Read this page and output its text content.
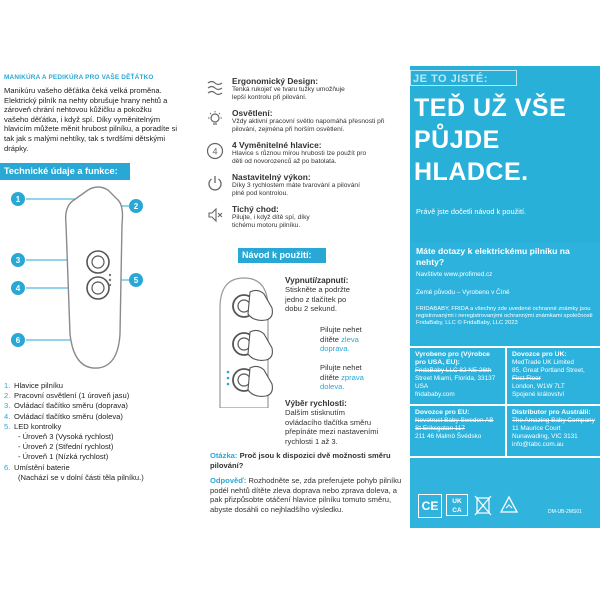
MANIKÚRA A PEDIKÚRA PRO VAŠE DĚŤÁTKO
Manikúru vašeho děťátka čeká velká proměna.
Elektrický pilník na nehty obrušuje hrany nehtů a
zároveň chrání nehtovou kůžičku a pokožku
vašeho děťátka, i když spí. Díky vyměnitelným
hlavicím můžete měnit hrubost pilníku, a poradíte si
tak jak s malými nehtíky, tak s tvrdšími dětskými
drápky.
Technické údaje a funkce:
1
2
3
4
5
6
1. Hlavice pilníku
2. Pracovní osvětlení (1 úroveň jasu)
3. Ovládací tlačítko směru (doprava)
4. Ovládací tlačítko směru (doleva)
5. LED kontrolky
- Úroveň 3 (Vysoká rychlost)
- Úroveň 2 (Střední rychlost)
- Úroveň 1 (Nízká rychlost)
6. Umístění baterie
(Nachází se v dolní části těla pilníku.)
Ergonomický Design:
Tenká rukojeť ve tvaru tužky umožňuje
lepší kontrolu při pilování.
Osvětlení:
Vždy aktivní pracovní světlo napomáhá přesnosti při
pilování, zejména při horším osvětlení.
4
4 Vyměnitelné hlavice:
Hlavice s různou mírou hrubosti lze použít pro
děti od novorozenců až po batolata.
Nastavitelný výkon:
Díky 3 rychlostem máte tvarování a pilování
plně pod kontrolou.
Tichý chod:
Pilujte, i když dítě spí, díky
tichému motoru pilníku.
Návod k použití:
Vypnutí/zapnutí:
Stiskněte a podržte
jedno z tlačítek po
dobu 2 sekund.
Pilujte nehet
dítěte zleva
doprava.
Pilujte nehet
dítěte zprava
doleva.
Výběr rychlosti:
Dalším stisknutím
ovládacího tlačítka směru
přepínáte mezi nastaveními
rychlosti 1 až 3.
Otázka: Proč jsou k dispozici dvě možnosti směru pilování?
Odpověď: Rozhodněte se, zda preferujete pohyb pilníku podél nehtů dítěte zleva doprava nebo zprava doleva, a pak přizpůsobte otáčení hlavice pilníku tomuto směru, abyste dosáhli co nejhladšího výsledku.
JE TO JISTÉ:
TEĎ UŽ VŠE
PŮJDE
HLADCE.
Právě jste dočetli návod k použití.
Máte dotazy k elektrickému pilníku na nehty?
Navštivte www.profimed.cz
Země původu – Vyrobeno v Číně
FRIDABABY, FRIDA a všechny zde uvedené ochranné známky jsou registrovanými i neregistrovanými ochrannými známkami společnosti FridaBaby, LLC © FridaBaby, LLC 2023
Vyrobeno pro (Výrobce pro USA, EU):
FridaBaby LLC 82 NE 26th
Street Miami, Florida, 33137
USA
fridababy.com
Dovozce pro UK:
MedTrade UK Limited
85, Great Portland Street,
First Floor
London, W1W 7LT
Spojené království
Dovozce pro EU:
Novotrust Baby Sweden AB
St Eriksgatan 117
211 46 Malmö Švédsko
Distributor pro Austrálii:
The Amazing Baby Company
11 Maurice Court
Nunawading, VIC 3131
info@tabc.com.au
CE	UK CA	DM-UB-2MS01
